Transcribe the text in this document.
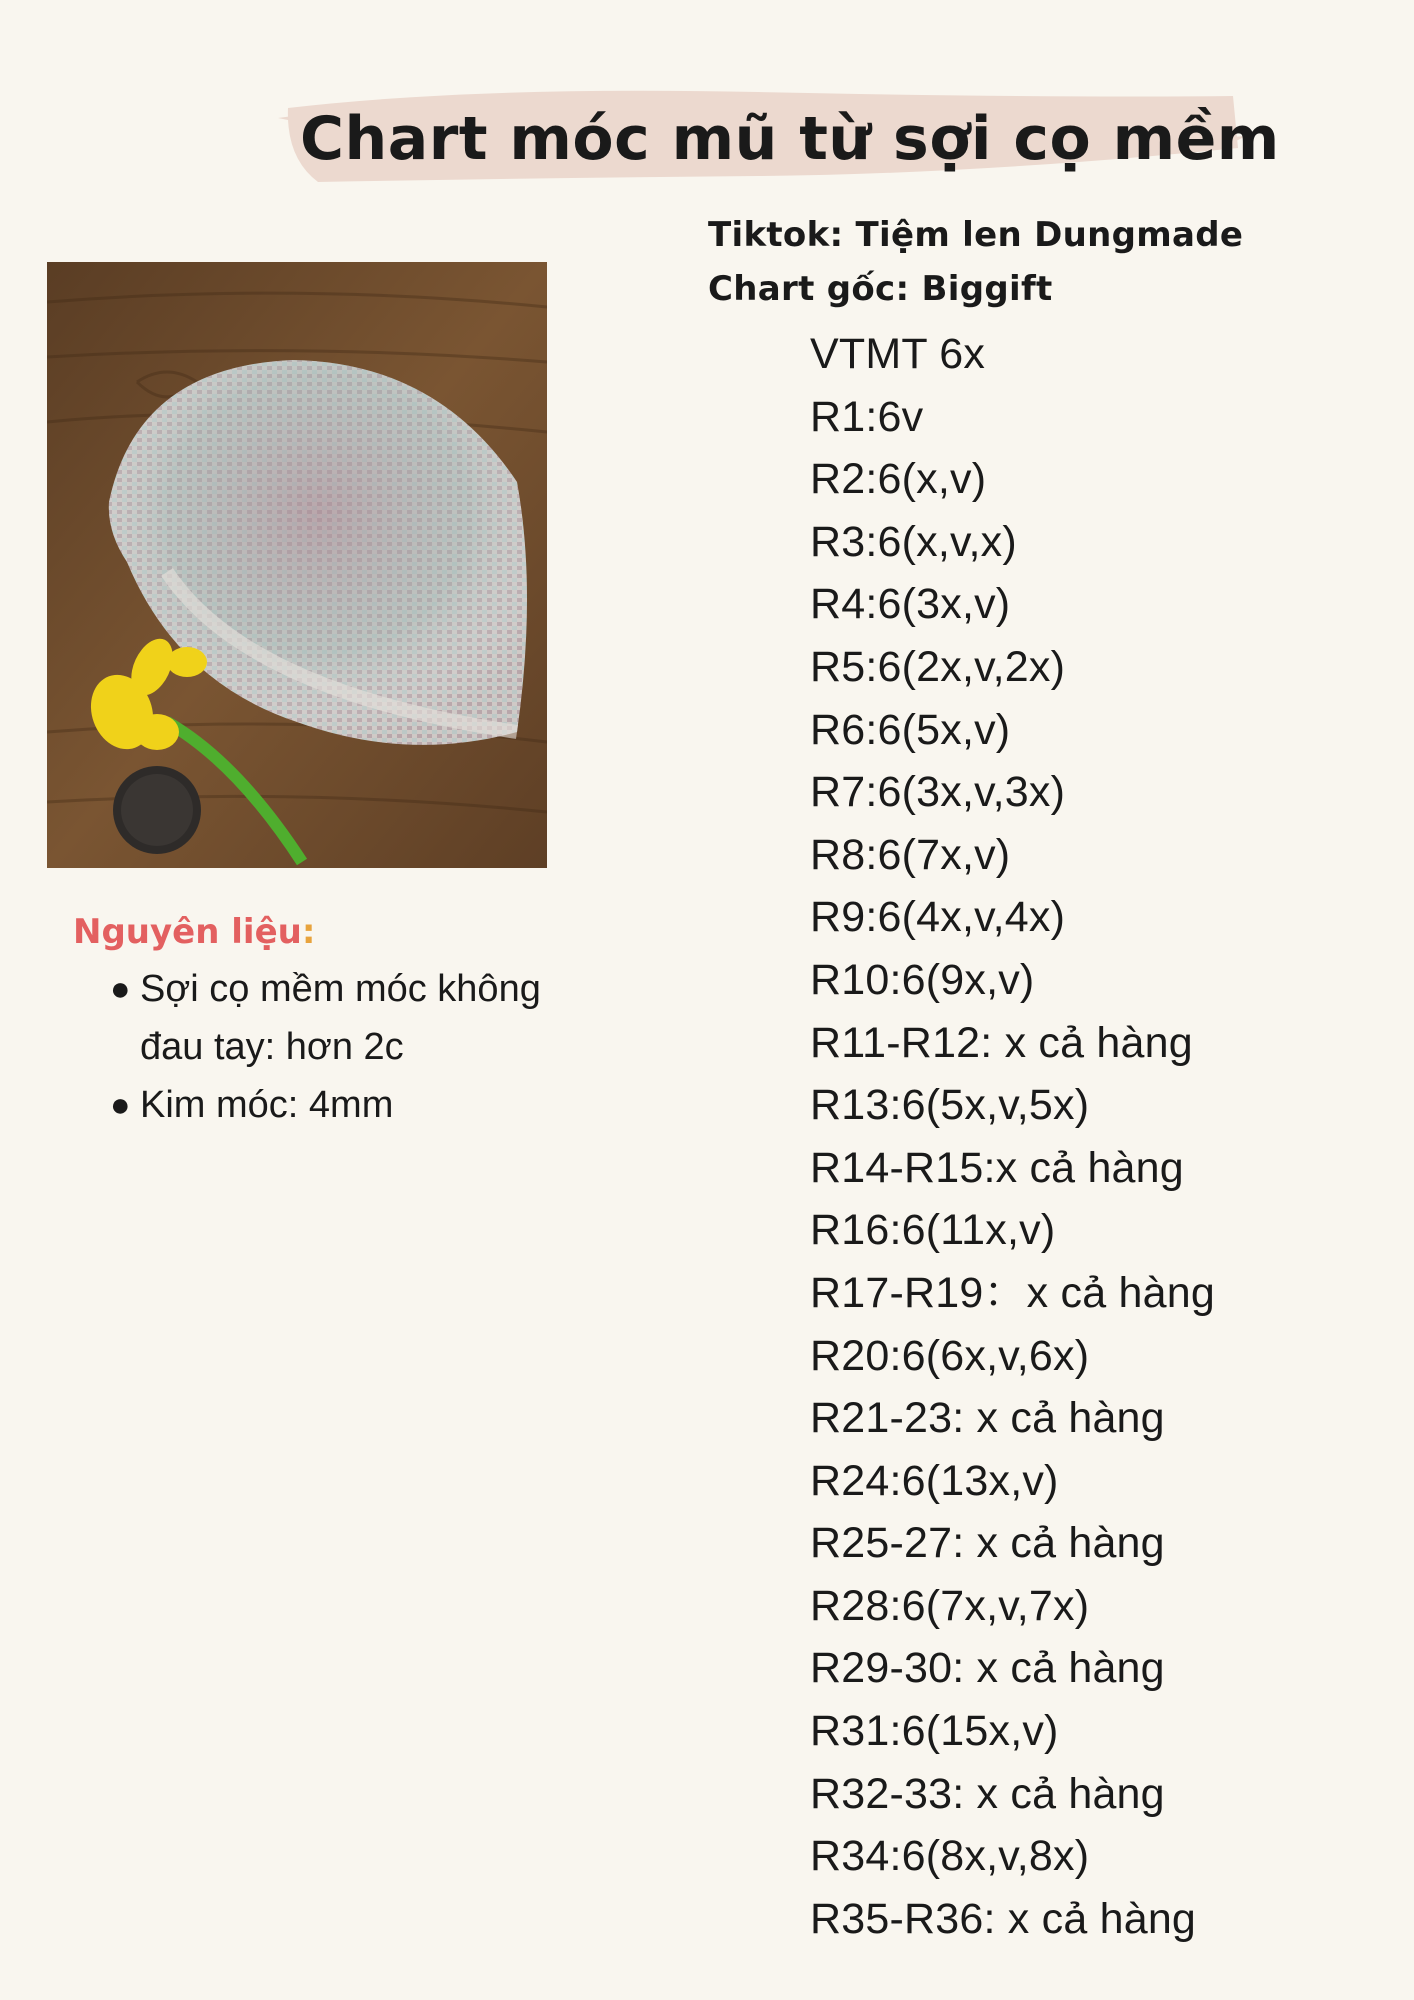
Chart móc mũ từ sợi cọ mềm
Tiktok: Tiệm len Dungmade
Chart gốc: Biggift

Nguyên liệu:

● Sợi cọ mềm móc không đau tay: hơn 2c
● Kim móc: 4mm
VTMT 6x
R1:6v
R2:6(x,v)
R3:6(x,v,x)
R4:6(3x,v)
R5:6(2x,v,2x)
R6:6(5x,v)
R7:6(3x,v,3x)
R8:6(7x,v)
R9:6(4x,v,4x)
R10:6(9x,v)
R11-R12: x cả hàng
R13:6(5x,v,5x)
R14-R15:x cả hàng
R16:6(11x,v)
R17-R19：x cả hàng
R20:6(6x,v,6x)
R21-23: x cả hàng
R24:6(13x,v)
R25-27: x cả hàng
R28:6(7x,v,7x)
R29-30: x cả hàng
R31:6(15x,v)
R32-33: x cả hàng
R34:6(8x,v,8x)
R35-R36: x cả hàng
